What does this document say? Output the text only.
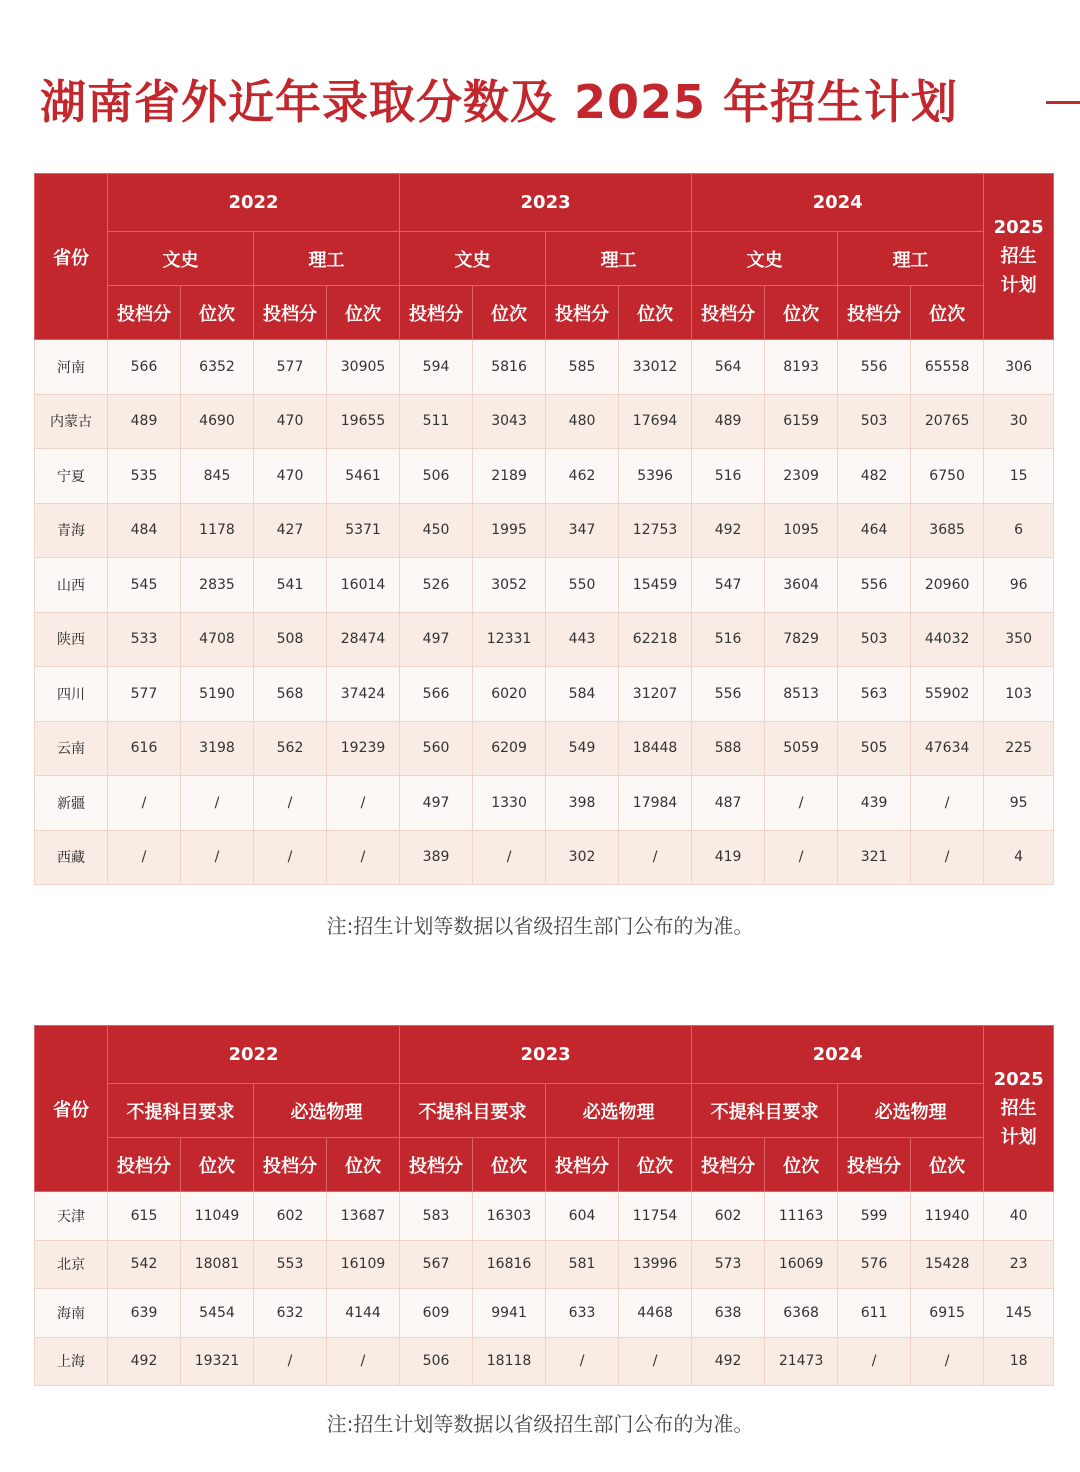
湖南省外近年录取分数及 2025 年招生计划
省份	2022				2023				2024				2025
招生
计划

	文史		理工		文史		理工		文史		理工		
	投档分	位次	投档分	位次	投档分	位次	投档分	位次	投档分	位次	投档分	位次	
河南	566	6352	577	30905	594	5816	585	33012	564	8193	556	65558	306
内蒙古	489	4690	470	19655	511	3043	480	17694	489	6159	503	20765	30
宁夏	535	845	470	5461	506	2189	462	5396	516	2309	482	6750	15
青海	484	1178	427	5371	450	1995	347	12753	492	1095	464	3685	6
山西	545	2835	541	16014	526	3052	550	15459	547	3604	556	20960	96
陕西	533	4708	508	28474	497	12331	443	62218	516	7829	503	44032	350
四川	577	5190	568	37424	566	6020	584	31207	556	8513	563	55902	103
云南	616	3198	562	19239	560	6209	549	18448	588	5059	505	47634	225
新疆	/	/	/	/	497	1330	398	17984	487	/	439	/	95
西藏	/	/	/	/	389	/	302	/	419	/	321	/	4
注:招生计划等数据以省级招生部门公布的为准。
省份	2022				2023				2024				2025
招生
计划

	不提科目要求		必选物理		不提科目要求		必选物理		不提科目要求		必选物理		
	投档分	位次	投档分	位次	投档分	位次	投档分	位次	投档分	位次	投档分	位次	
天津	615	11049	602	13687	583	16303	604	11754	602	11163	599	11940	40
北京	542	18081	553	16109	567	16816	581	13996	573	16069	576	15428	23
海南	639	5454	632	4144	609	9941	633	4468	638	6368	611	6915	145
上海	492	19321	/	/	506	18118	/	/	492	21473	/	/	18
注:招生计划等数据以省级招生部门公布的为准。
